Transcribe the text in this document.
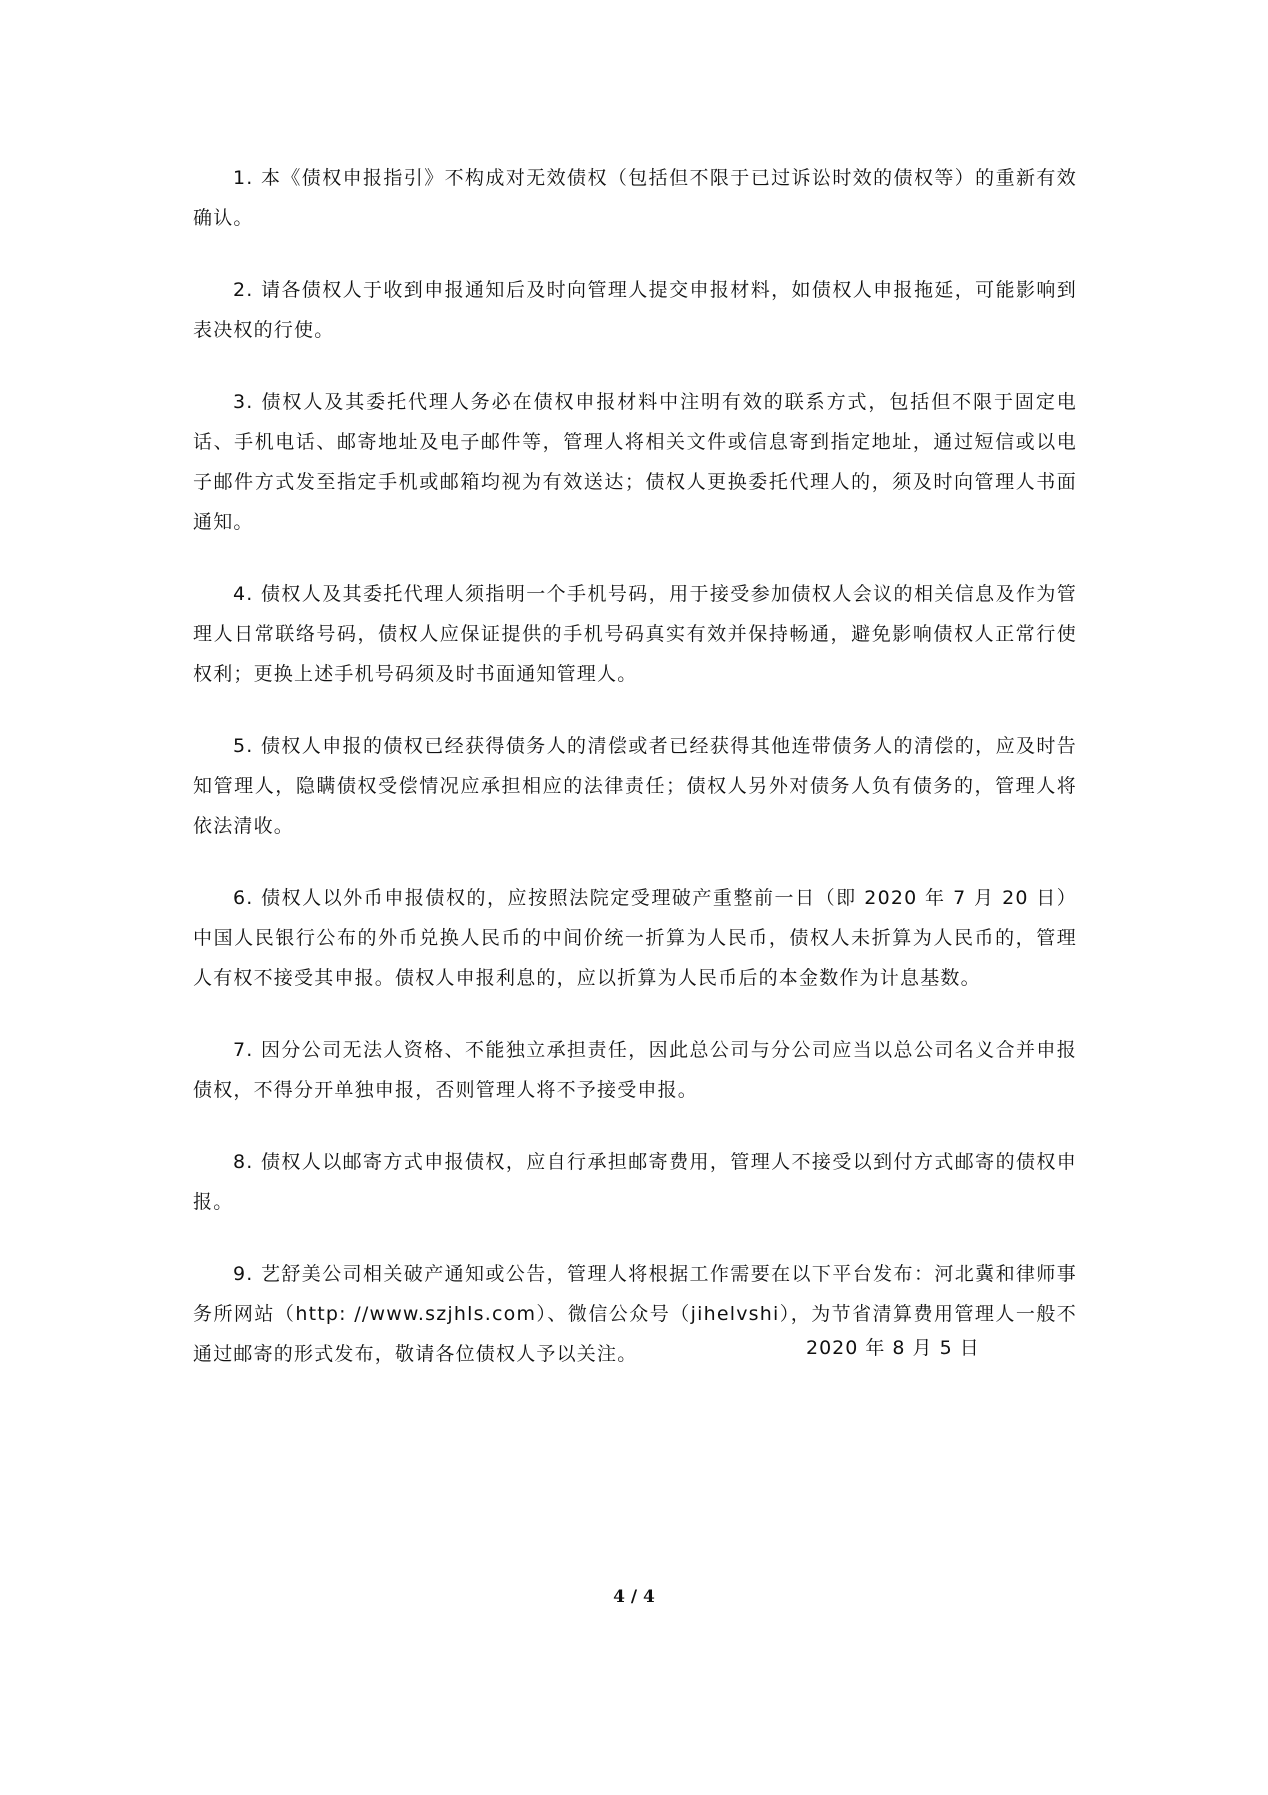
1. 本《债权申报指引》不构成对无效债权（包括但不限于已过诉讼时效的债权等）的重新有效确认。

2. 请各债权人于收到申报通知后及时向管理人提交申报材料，如债权人申报拖延，可能影响到表决权的行使。

3. 债权人及其委托代理人务必在债权申报材料中注明有效的联系方式，包括但不限于固定电话、手机电话、邮寄地址及电子邮件等，管理人将相关文件或信息寄到指定地址，通过短信或以电子邮件方式发至指定手机或邮箱均视为有效送达；债权人更换委托代理人的，须及时向管理人书面通知。

4. 债权人及其委托代理人须指明一个手机号码，用于接受参加债权人会议的相关信息及作为管理人日常联络号码，债权人应保证提供的手机号码真实有效并保持畅通，避免影响债权人正常行使权利；更换上述手机号码须及时书面通知管理人。

5. 债权人申报的债权已经获得债务人的清偿或者已经获得其他连带债务人的清偿的，应及时告知管理人，隐瞒债权受偿情况应承担相应的法律责任；债权人另外对债务人负有债务的，管理人将依法清收。

6. 债权人以外币申报债权的，应按照法院定受理破产重整前一日（即 2020 年 7 月 20 日）中国人民银行公布的外币兑换人民币的中间价统一折算为人民币，债权人未折算为人民币的，管理人有权不接受其申报。债权人申报利息的，应以折算为人民币后的本金数作为计息基数。

7. 因分公司无法人资格、不能独立承担责任，因此总公司与分公司应当以总公司名义合并申报债权，不得分开单独申报，否则管理人将不予接受申报。

8. 债权人以邮寄方式申报债权，应自行承担邮寄费用，管理人不接受以到付方式邮寄的债权申报。

9. 艺舒美公司相关破产通知或公告，管理人将根据工作需要在以下平台发布：河北冀和律师事务所网站（http: //www.szjhls.com）、微信公众号（jihelvshi），为节省清算费用管理人一般不通过邮寄的形式发布，敬请各位债权人予以关注。	2020 年 8 月 5 日
4 / 4
